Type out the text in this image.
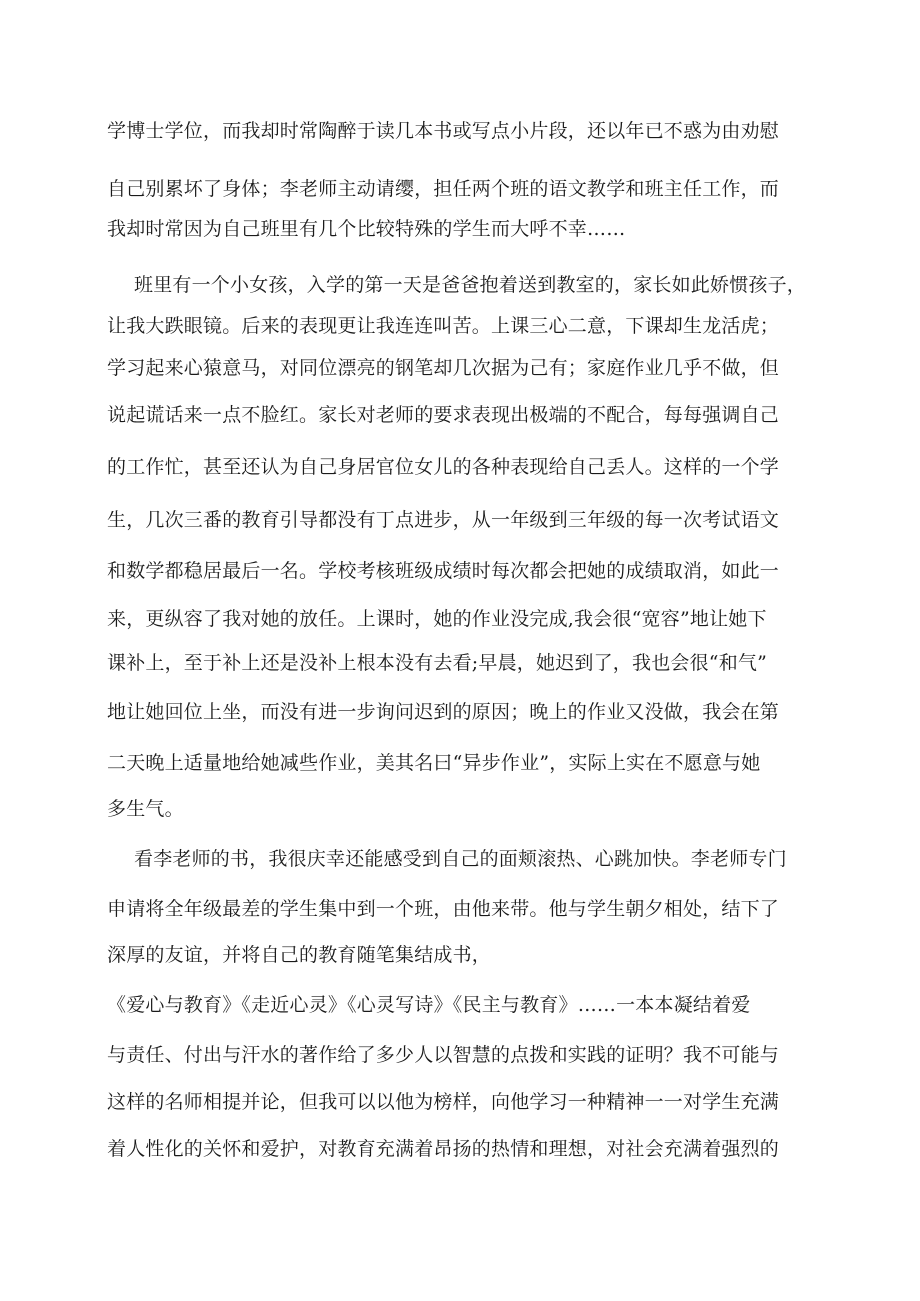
学博士学位，而我却时常陶醉于读几本书或写点小片段，还以年已不惑为由劝慰
自己别累坏了身体；李老师主动请缨，担任两个班的语文教学和班主任工作，而
我却时常因为自己班里有几个比较特殊的学生而大呼不幸……
班里有一个小女孩，入学的第一天是爸爸抱着送到教室的，家长如此娇惯孩子，
让我大跌眼镜。后来的表现更让我连连叫苦。上课三心二意，下课却生龙活虎；
学习起来心猿意马，对同位漂亮的钢笔却几次据为己有；家庭作业几乎不做，但
说起谎话来一点不脸红。家长对老师的要求表现出极端的不配合，每每强调自己
的工作忙，甚至还认为自己身居官位女儿的各种表现给自己丢人。这样的一个学
生，几次三番的教育引导都没有丁点进步，从一年级到三年级的每一次考试语文
和数学都稳居最后一名。学校考核班级成绩时每次都会把她的成绩取消，如此一
来，更纵容了我对她的放任。上课时，她的作业没完成,我会很“宽容”地让她下
课补上，至于补上还是没补上根本没有去看;早晨，她迟到了，我也会很“和气”
地让她回位上坐，而没有进一步询问迟到的原因；晚上的作业又没做，我会在第
二天晚上适量地给她减些作业，美其名曰“异步作业”，实际上实在不愿意与她
多生气。
看李老师的书，我很庆幸还能感受到自己的面颊滚热、心跳加快。李老师专门
申请将全年级最差的学生集中到一个班，由他来带。他与学生朝夕相处，结下了
深厚的友谊，并将自己的教育随笔集结成书，
《爱心与教育》《走近心灵》《心灵写诗》《民主与教育》……一本本凝结着爱
与责任、付出与汗水的著作给了多少人以智慧的点拨和实践的证明？我不可能与
这样的名师相提并论，但我可以以他为榜样，向他学习一种精神一一对学生充满
着人性化的关怀和爱护，对教育充满着昂扬的热情和理想，对社会充满着强烈的
